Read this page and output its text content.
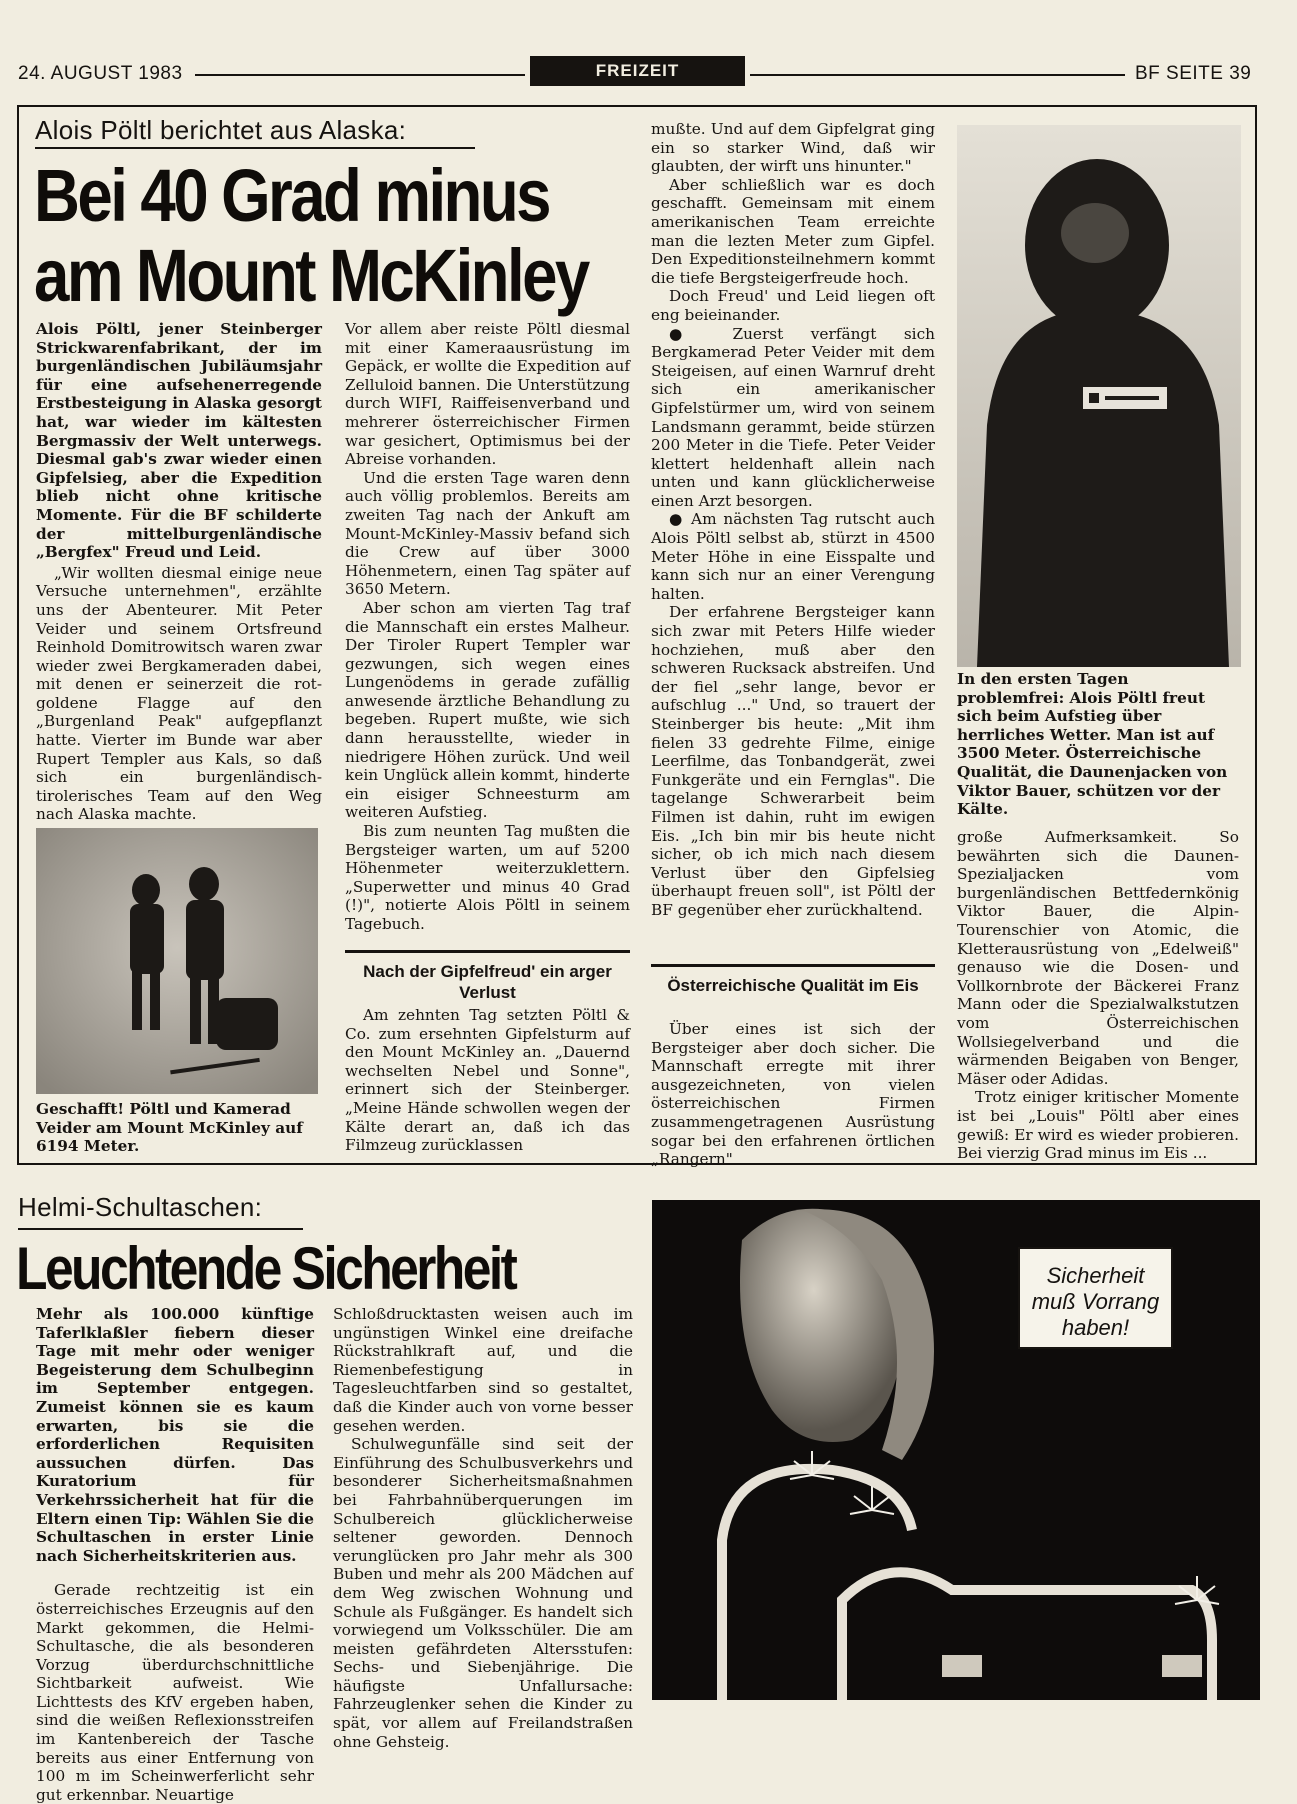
24. AUGUST 1983	FREIZEIT	BF SEITE 39
Alois Pöltl berichtet aus Alaska:
Bei 40 Grad minus
am Mount McKinley

Alois Pöltl, jener Steinberger Strickwarenfabrikant, der im burgenländischen Jubiläumsjahr für eine aufsehenerregende Erstbesteigung in Alaska gesorgt hat, war wieder im kältesten Bergmassiv der Welt unterwegs. Diesmal gab's zwar wieder einen Gipfelsieg, aber die Expedition blieb nicht ohne kritische Momente. Für die BF schilderte der mittelburgenländische „Bergfex" Freud und Leid.

„Wir wollten diesmal einige neue Versuche unternehmen", erzählte uns der Abenteurer. Mit Peter Veider und seinem Ortsfreund Reinhold Domitrowitsch waren zwar wieder zwei Bergkameraden dabei, mit denen er seinerzeit die rot-goldene Flagge auf den „Burgenland Peak" aufgepflanzt hatte. Vierter im Bunde war aber Rupert Templer aus Kals, so daß sich ein burgenländisch-tirolerisches Team auf den Weg nach Alaska machte.

Geschafft! Pöltl und Kamerad Veider am Mount McKinley auf 6194 Meter.

Vor allem aber reiste Pöltl diesmal mit einer Kameraausrüstung im Gepäck, er wollte die Expedition auf Zelluloid bannen. Die Unterstützung durch WIFI, Raiffeisenverband und mehrerer österreichischer Firmen war gesichert, Optimismus bei der Abreise vorhanden.

Und die ersten Tage waren denn auch völlig problemlos. Bereits am zweiten Tag nach der Ankuft am Mount-McKinley-Massiv befand sich die Crew auf über 3000 Höhenmetern, einen Tag später auf 3650 Metern.

Aber schon am vierten Tag traf die Mannschaft ein erstes Malheur. Der Tiroler Rupert Templer war gezwungen, sich wegen eines Lungenödems in gerade zufällig anwesende ärztliche Behandlung zu begeben. Rupert mußte, wie sich dann herausstellte, wieder in niedrigere Höhen zurück. Und weil kein Unglück allein kommt, hinderte ein eisiger Schneesturm am weiteren Aufstieg.

Bis zum neunten Tag mußten die Bergsteiger warten, um auf 5200 Höhenmeter weiterzuklettern. „Superwetter und minus 40 Grad (!)", notierte Alois Pöltl in seinem Tagebuch.

Nach der Gipfelfreud' ein arger Verlust

Am zehnten Tag setzten Pöltl & Co. zum ersehnten Gipfelsturm auf den Mount McKinley an. „Dauernd wechselten Nebel und Sonne", erinnert sich der Steinberger. „Meine Hände schwollen wegen der Kälte derart an, daß ich das Filmzeug zurücklassen

mußte. Und auf dem Gipfelgrat ging ein so starker Wind, daß wir glaubten, der wirft uns hinunter."

Aber schließlich war es doch geschafft. Gemeinsam mit einem amerikanischen Team erreichte man die lezten Meter zum Gipfel. Den Expeditionsteilnehmern kommt die tiefe Bergsteigerfreude hoch.

Doch Freud' und Leid liegen oft eng beieinander.

● Zuerst verfängt sich Bergkamerad Peter Veider mit dem Steigeisen, auf einen Warnruf dreht sich ein amerikanischer Gipfelstürmer um, wird von seinem Landsmann gerammt, beide stürzen 200 Meter in die Tiefe. Peter Veider klettert heldenhaft allein nach unten und kann glücklicherweise einen Arzt besorgen.

● Am nächsten Tag rutscht auch Alois Pöltl selbst ab, stürzt in 4500 Meter Höhe in eine Eisspalte und kann sich nur an einer Verengung halten.

Der erfahrene Bergsteiger kann sich zwar mit Peters Hilfe wieder hochziehen, muß aber den schweren Rucksack abstreifen. Und der fiel „sehr lange, bevor er aufschlug ..." Und, so trauert der Steinberger bis heute: „Mit ihm fielen 33 gedrehte Filme, einige Leerfilme, das Tonbandgerät, zwei Funkgeräte und ein Fernglas". Die tagelange Schwerarbeit beim Filmen ist dahin, ruht im ewigen Eis. „Ich bin mir bis heute nicht sicher, ob ich mich nach diesem Verlust über den Gipfelsieg überhaupt freuen soll", ist Pöltl der BF gegenüber eher zurückhaltend.

Österreichische Qualität im Eis

Über eines ist sich der Bergsteiger aber doch sicher. Die Mannschaft erregte mit ihrer ausgezeichneten, von vielen österreichischen Firmen zusammengetragenen Ausrüstung sogar bei den erfahrenen örtlichen „Rangern"

In den ersten Tagen problemfrei: Alois Pöltl freut sich beim Aufstieg über herrliches Wetter. Man ist auf 3500 Meter. Österreichische Qualität, die Daunenjacken von Viktor Bauer, schützen vor der Kälte.

große Aufmerksamkeit. So bewährten sich die Daunen-Spezialjacken vom burgenländischen Bettfedernkönig Viktor Bauer, die Alpin-Tourenschier von Atomic, die Kletterausrüstung von „Edelweiß" genauso wie die Dosen- und Vollkornbrote der Bäckerei Franz Mann oder die Spezialwalkstutzen vom Österreichischen Wollsiegelverband und die wärmenden Beigaben von Benger, Mäser oder Adidas.

Trotz einiger kritischer Momente ist bei „Louis" Pöltl aber eines gewiß: Er wird es wieder probieren. Bei vierzig Grad minus im Eis ...

Helmi-Schultaschen:
Leuchtende Sicherheit

Mehr als 100.000 künftige Taferlklaßler fiebern dieser Tage mit mehr oder weniger Begeisterung dem Schulbeginn im September entgegen. Zumeist können sie es kaum erwarten, bis sie die erforderlichen Requisiten aussuchen dürfen. Das Kuratorium für Verkehrssicherheit hat für die Eltern einen Tip: Wählen Sie die Schultaschen in erster Linie nach Sicherheitskriterien aus.

Gerade rechtzeitig ist ein österreichisches Erzeugnis auf den Markt gekommen, die Helmi-Schultasche, die als besonderen Vorzug überdurchschnittliche Sichtbarkeit aufweist. Wie Lichttests des KfV ergeben haben, sind die weißen Reflexionsstreifen im Kantenbereich der Tasche bereits aus einer Entfernung von 100 m im Scheinwerferlicht sehr gut erkennbar. Neuartige

Schloßdrucktasten weisen auch im ungünstigen Winkel eine dreifache Rückstrahlkraft auf, und die Riemenbefestigung in Tagesleuchtfarben sind so gestaltet, daß die Kinder auch von vorne besser gesehen werden.

Schulwegunfälle sind seit der Einführung des Schulbusverkehrs und besonderer Sicherheitsmaßnahmen bei Fahrbahnüberquerungen im Schulbereich glücklicherweise seltener geworden. Dennoch verunglücken pro Jahr mehr als 300 Buben und mehr als 200 Mädchen auf dem Weg zwischen Wohnung und Schule als Fußgänger. Es handelt sich vorwiegend um Volksschüler. Die am meisten gefährdeten Altersstufen: Sechs- und Siebenjährige. Die häufigste Unfallursache: Fahrzeuglenker sehen die Kinder zu spät, vor allem auf Freilandstraßen ohne Gehsteig.

Sicherheit muß Vorrang haben!
